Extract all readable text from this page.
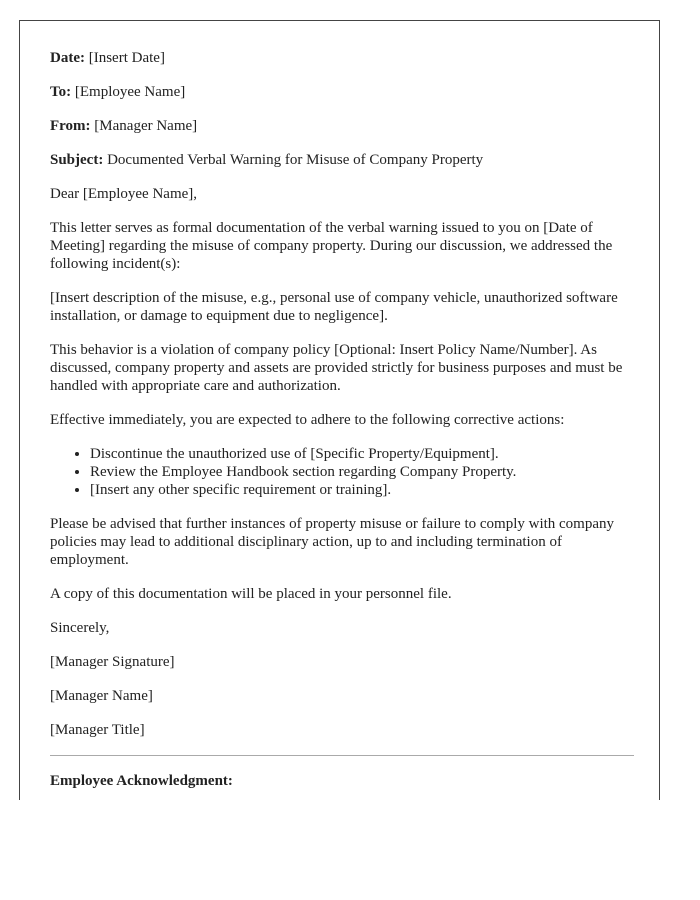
Date: [Insert Date]

To: [Employee Name]

From: [Manager Name]

Subject: Documented Verbal Warning for Misuse of Company Property

Dear [Employee Name],

This letter serves as formal documentation of the verbal warning issued to you on [Date of Meeting] regarding the misuse of company property. During our discussion, we addressed the following incident(s):

[Insert description of the misuse, e.g., personal use of company vehicle, unauthorized software installation, or damage to equipment due to negligence].

This behavior is a violation of company policy [Optional: Insert Policy Name/Number]. As discussed, company property and assets are provided strictly for business purposes and must be handled with appropriate care and authorization.

Effective immediately, you are expected to adhere to the following corrective actions:

• Discontinue the unauthorized use of [Specific Property/Equipment].
• Review the Employee Handbook section regarding Company Property.
• [Insert any other specific requirement or training].

Please be advised that further instances of property misuse or failure to comply with company policies may lead to additional disciplinary action, up to and including termination of employment.

A copy of this documentation will be placed in your personnel file.

Sincerely,

[Manager Signature]

[Manager Name]

[Manager Title]

Employee Acknowledgment:
